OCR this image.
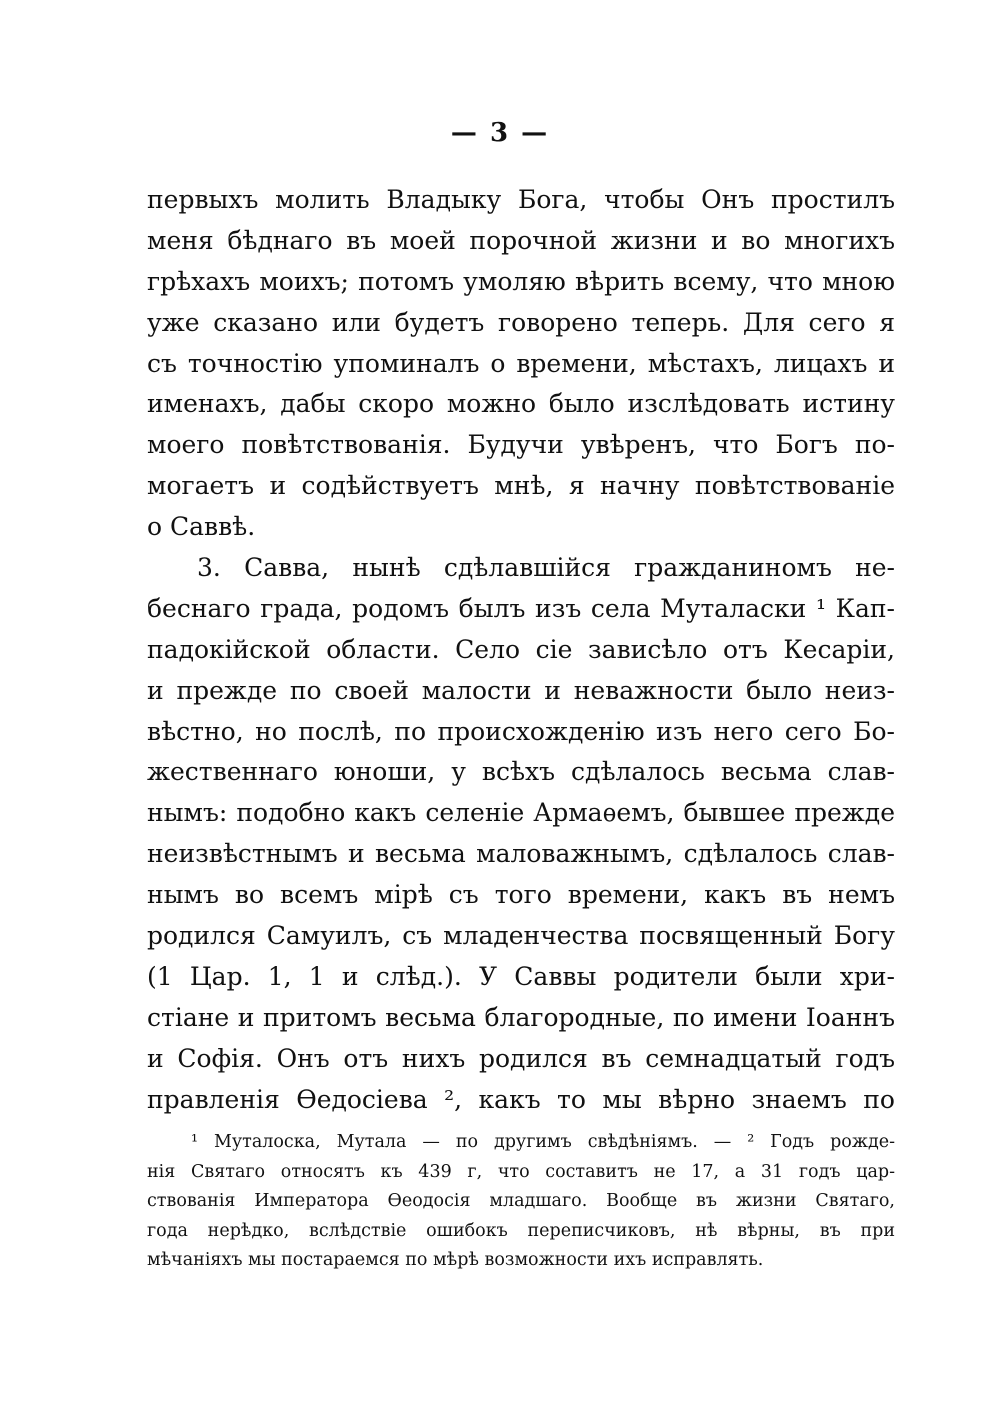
— 3 —
первыхъ молить Владыку Бога, чтобы Онъ простилъ
меня бѣднаго въ моей порочной жизни и во многихъ
грѣхахъ моихъ; потомъ умоляю вѣрить всему, что мною
уже сказано или будетъ говорено теперь. Для сего я
съ точностію упоминалъ о времени, мѣстахъ, лицахъ и
именахъ, дабы скоро можно было изслѣдовать истину
моего повѣтствованія. Будучи увѣренъ, что Богъ по-
могаетъ и содѣйствуетъ мнѣ, я начну повѣтствованіе
о Саввѣ.
3. Савва, нынѣ сдѣлавшійся гражданиномъ не-
беснаго града, родомъ былъ изъ села Муталаски ¹ Кап-
падокійской области. Село сіе зависѣло отъ Кесаріи,
и прежде по своей малости и неважности было неиз-
вѣстно, но послѣ, по происхожденію изъ него сего Бо-
жественнаго юноши, у всѣхъ сдѣлалось весьма слав-
нымъ: подобно какъ селеніе Армаѳемъ, бывшее прежде
неизвѣстнымъ и весьма маловажнымъ, сдѣлалось слав-
нымъ во всемъ мірѣ съ того времени, какъ въ немъ
родился Самуилъ, съ младенчества посвященный Богу
(1 Цар. 1, 1 и слѣд.). У Саввы родители были хри-
стіане и притомъ весьма благородные, по имени Іоаннъ
и Софія. Онъ отъ нихъ родился въ семнадцатый годъ
правленія Ѳедосіева ², какъ то мы вѣрно знаемъ по
¹ Муталоска, Мутала — по другимъ свѣдѣніямъ. — ² Годъ рожде-
нія Святаго относятъ къ 439 г, что составитъ не 17, а 31 годъ цар-
ствованія Императора Ѳеодосія младшаго. Вообще въ жизни Святаго,
года нерѣдко, вслѣдствіе ошибокъ переписчиковъ, нѣ вѣрны, въ при
мѣчаніяхъ мы постараемся по мѣрѣ возможности ихъ исправлять.
